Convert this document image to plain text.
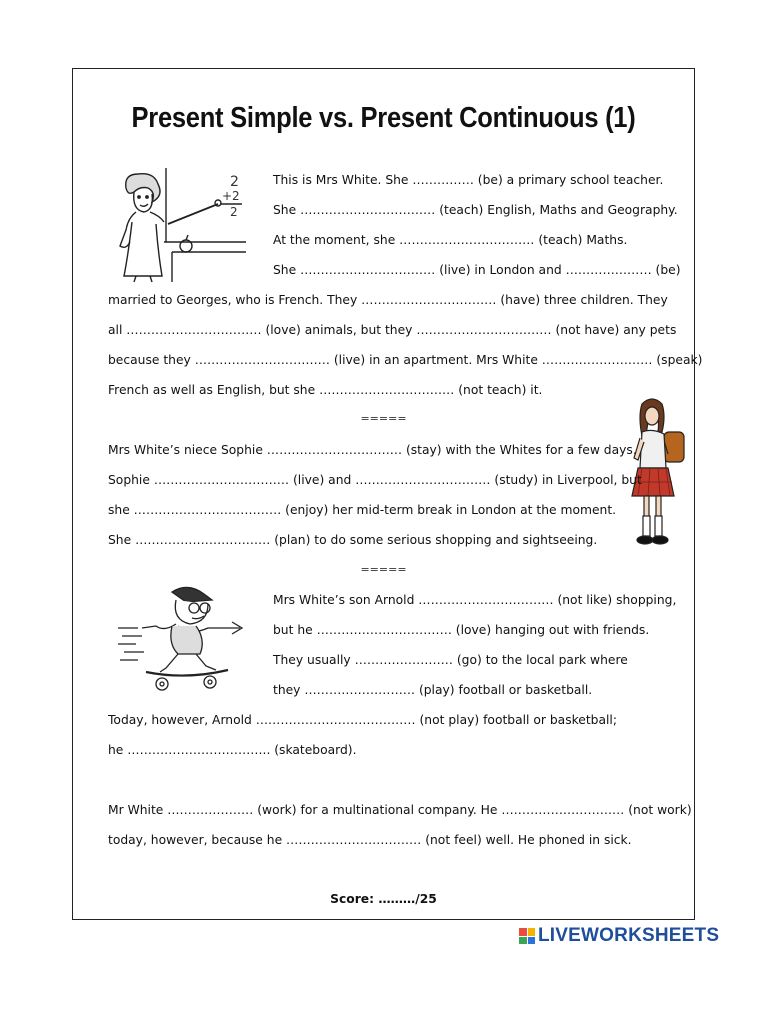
Present Simple vs. Present Continuous (1)
2
+2
2
This is Mrs White. She …………… (be) a primary school teacher.
She …………………………… (teach) English, Maths and Geography.
At the moment, she …………………………… (teach) Maths.
She …………………………… (live) in London and ………………… (be)
married to Georges, who is French. They …………………………… (have) three children. They
all …………………………… (love) animals, but they …………………………… (not have) any pets
because they …………………………… (live) in an apartment. Mrs White ……………………… (speak)
French as well as English, but she …………………………… (not teach) it.
=====
Mrs White’s niece Sophie …………………………… (stay) with the Whites for a few days.
Sophie …………………………… (live) and …………………………… (study) in Liverpool, but
she ……………………………… (enjoy) her mid-term break in London at the moment.
She …………………………… (plan) to do some serious shopping and sightseeing.
=====
Mrs White’s son Arnold …………………………… (not like) shopping,
but he …………………………… (love) hanging out with friends.
They usually …………………… (go) to the local park where
they ……………………… (play) football or basketball.
Today, however, Arnold ………………………………… (not play) football or basketball;
he …………………………….. (skateboard).
Mr White ………………… (work) for a multinational company. He ………………………… (not work)
today, however, because he …………………………… (not feel) well. He phoned in sick.
Score: ………/25
LIVEWORKSHEETS
